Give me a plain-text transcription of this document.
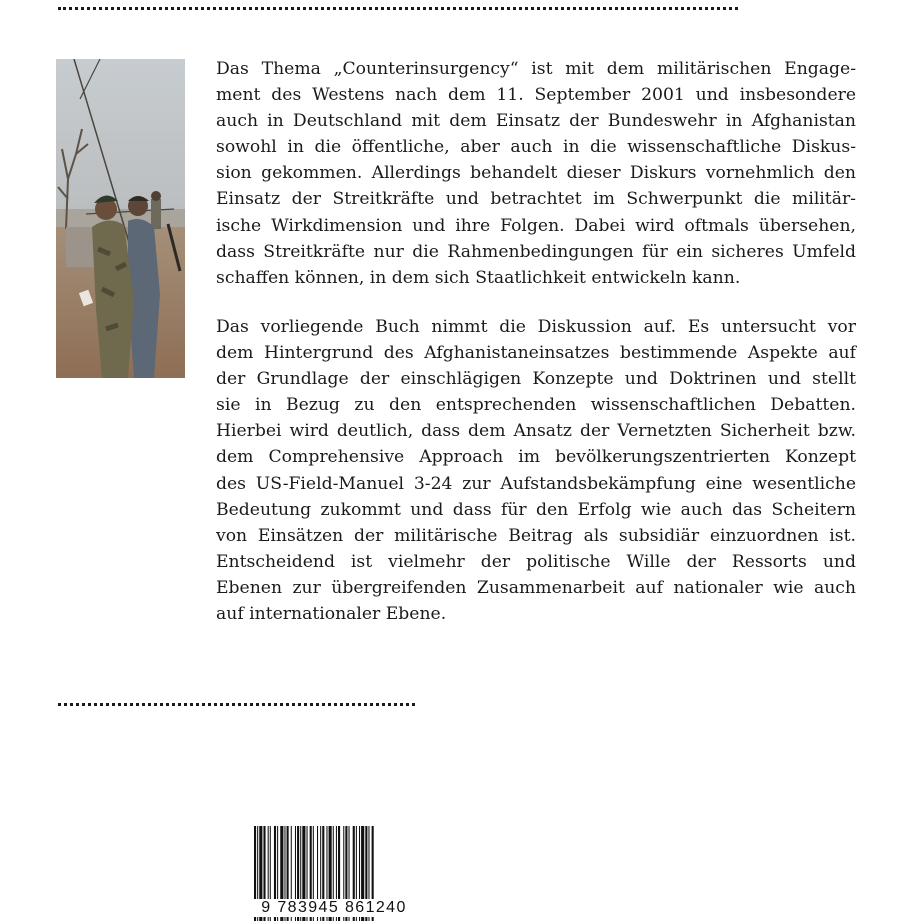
Das Thema „Counterinsurgency“ ist mit dem militärischen Engage-
ment des Westens nach dem 11. September 2001 und insbesondere
auch in Deutschland mit dem Einsatz der Bundeswehr in Afghanistan
sowohl in die öffentliche, aber auch in die wissenschaftliche Diskus-
sion gekommen. Allerdings behandelt dieser Diskurs vornehmlich den
Einsatz der Streitkräfte und betrachtet im Schwerpunkt die militär-
ische Wirkdimension und ihre Folgen. Dabei wird oftmals übersehen,
dass Streitkräfte nur die Rahmenbedingungen für ein sicheres Umfeld
schaffen können, in dem sich Staatlichkeit entwickeln kann.
Das vorliegende Buch nimmt die Diskussion auf. Es untersucht vor
dem Hintergrund des Afghanistaneinsatzes bestimmende Aspekte auf
der Grundlage der einschlägigen Konzepte und Doktrinen und stellt
sie in Bezug zu den entsprechenden wissenschaftlichen Debatten.
Hierbei wird deutlich, dass dem Ansatz der Vernetzten Sicherheit bzw.
dem Comprehensive Approach im bevölkerungszentrierten Konzept
des US-Field-Manuel 3-24 zur Aufstandsbekämpfung eine wesentliche
Bedeutung zukommt und dass für den Erfolg wie auch das Scheitern
von Einsätzen der militärische Beitrag als subsidiär einzuordnen ist.
Entscheidend ist vielmehr der politische Wille der Ressorts und
Ebenen zur übergreifenden Zusammenarbeit auf nationaler wie auch
auf internationaler Ebene.
9 783945 861240
